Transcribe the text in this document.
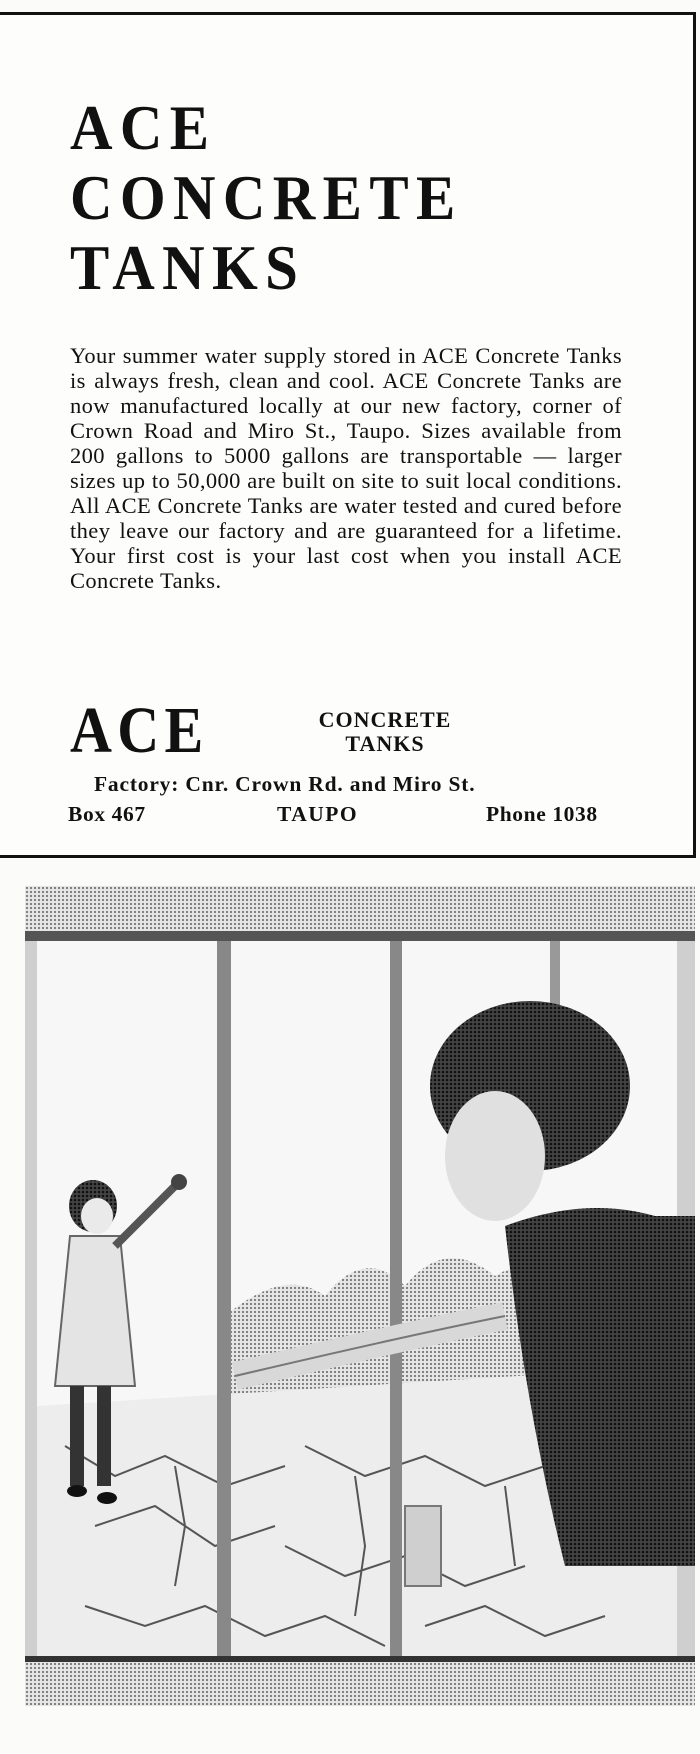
ACE
CONCRETE
TANKS
Your summer water supply stored in ACE Concrete Tanks is always fresh, clean and cool. ACE Concrete Tanks are now manufactured locally at our new factory, corner of Crown Road and Miro St., Taupo. Sizes available from 200 gallons to 5000 gallons are transportable — larger sizes up to 50,000 are built on site to suit local conditions. All ACE Concrete Tanks are water tested and cured before they leave our factory and are guaranteed for a lifetime. Your first cost is your last cost when you install ACE Concrete Tanks.
ACE	CONCRETE
TANKS
Factory: Cnr. Crown Rd. and Miro St.
Box 467	TAUPO	Phone 1038
